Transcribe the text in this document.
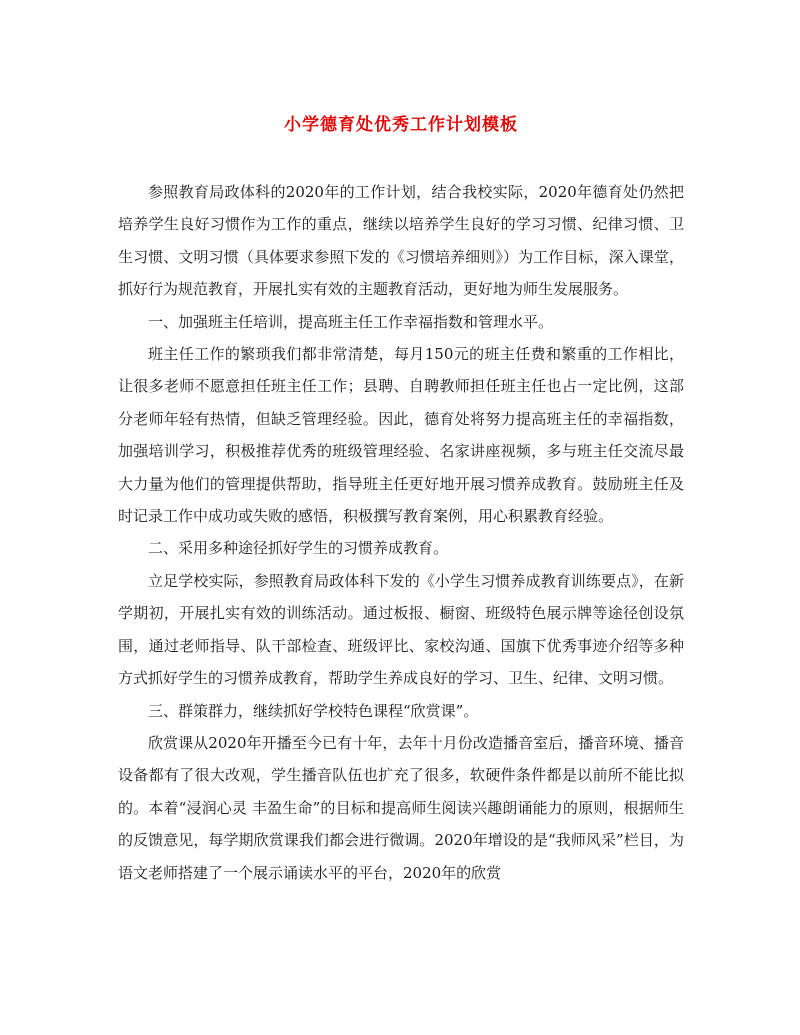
小学德育处优秀工作计划模板

参照教育局政体科的2020年的工作计划，结合我校实际，2020年德育处仍然把培养学生良好习惯作为工作的重点，继续以培养学生良好的学习习惯、纪律习惯、卫生习惯、文明习惯（具体要求参照下发的《习惯培养细则》）为工作目标，深入课堂，抓好行为规范教育，开展扎实有效的主题教育活动，更好地为师生发展服务。

一、加强班主任培训，提高班主任工作幸福指数和管理水平。

班主任工作的繁琐我们都非常清楚，每月150元的班主任费和繁重的工作相比，让很多老师不愿意担任班主任工作；县聘、自聘教师担任班主任也占一定比例，这部分老师年轻有热情，但缺乏管理经验。因此，德育处将努力提高班主任的幸福指数，加强培训学习，积极推荐优秀的班级管理经验、名家讲座视频，多与班主任交流尽最大力量为他们的管理提供帮助，指导班主任更好地开展习惯养成教育。鼓励班主任及时记录工作中成功或失败的感悟，积极撰写教育案例，用心积累教育经验。

二、采用多种途径抓好学生的习惯养成教育。

立足学校实际，参照教育局政体科下发的《小学生习惯养成教育训练要点》，在新学期初，开展扎实有效的训练活动。通过板报、橱窗、班级特色展示牌等途径创设氛围，通过老师指导、队干部检查、班级评比、家校沟通、国旗下优秀事迹介绍等多种方式抓好学生的习惯养成教育，帮助学生养成良好的学习、卫生、纪律、文明习惯。

三、群策群力，继续抓好学校特色课程“欣赏课”。

欣赏课从2020年开播至今已有十年，去年十月份改造播音室后，播音环境、播音设备都有了很大改观，学生播音队伍也扩充了很多，软硬件条件都是以前所不能比拟的。本着“浸润心灵 丰盈生命”的目标和提高师生阅读兴趣朗诵能力的原则，根据师生的反馈意见，每学期欣赏课我们都会进行微调。2020年增设的是“我师风采”栏目，为语文老师搭建了一个展示诵读水平的平台，2020年的欣赏
